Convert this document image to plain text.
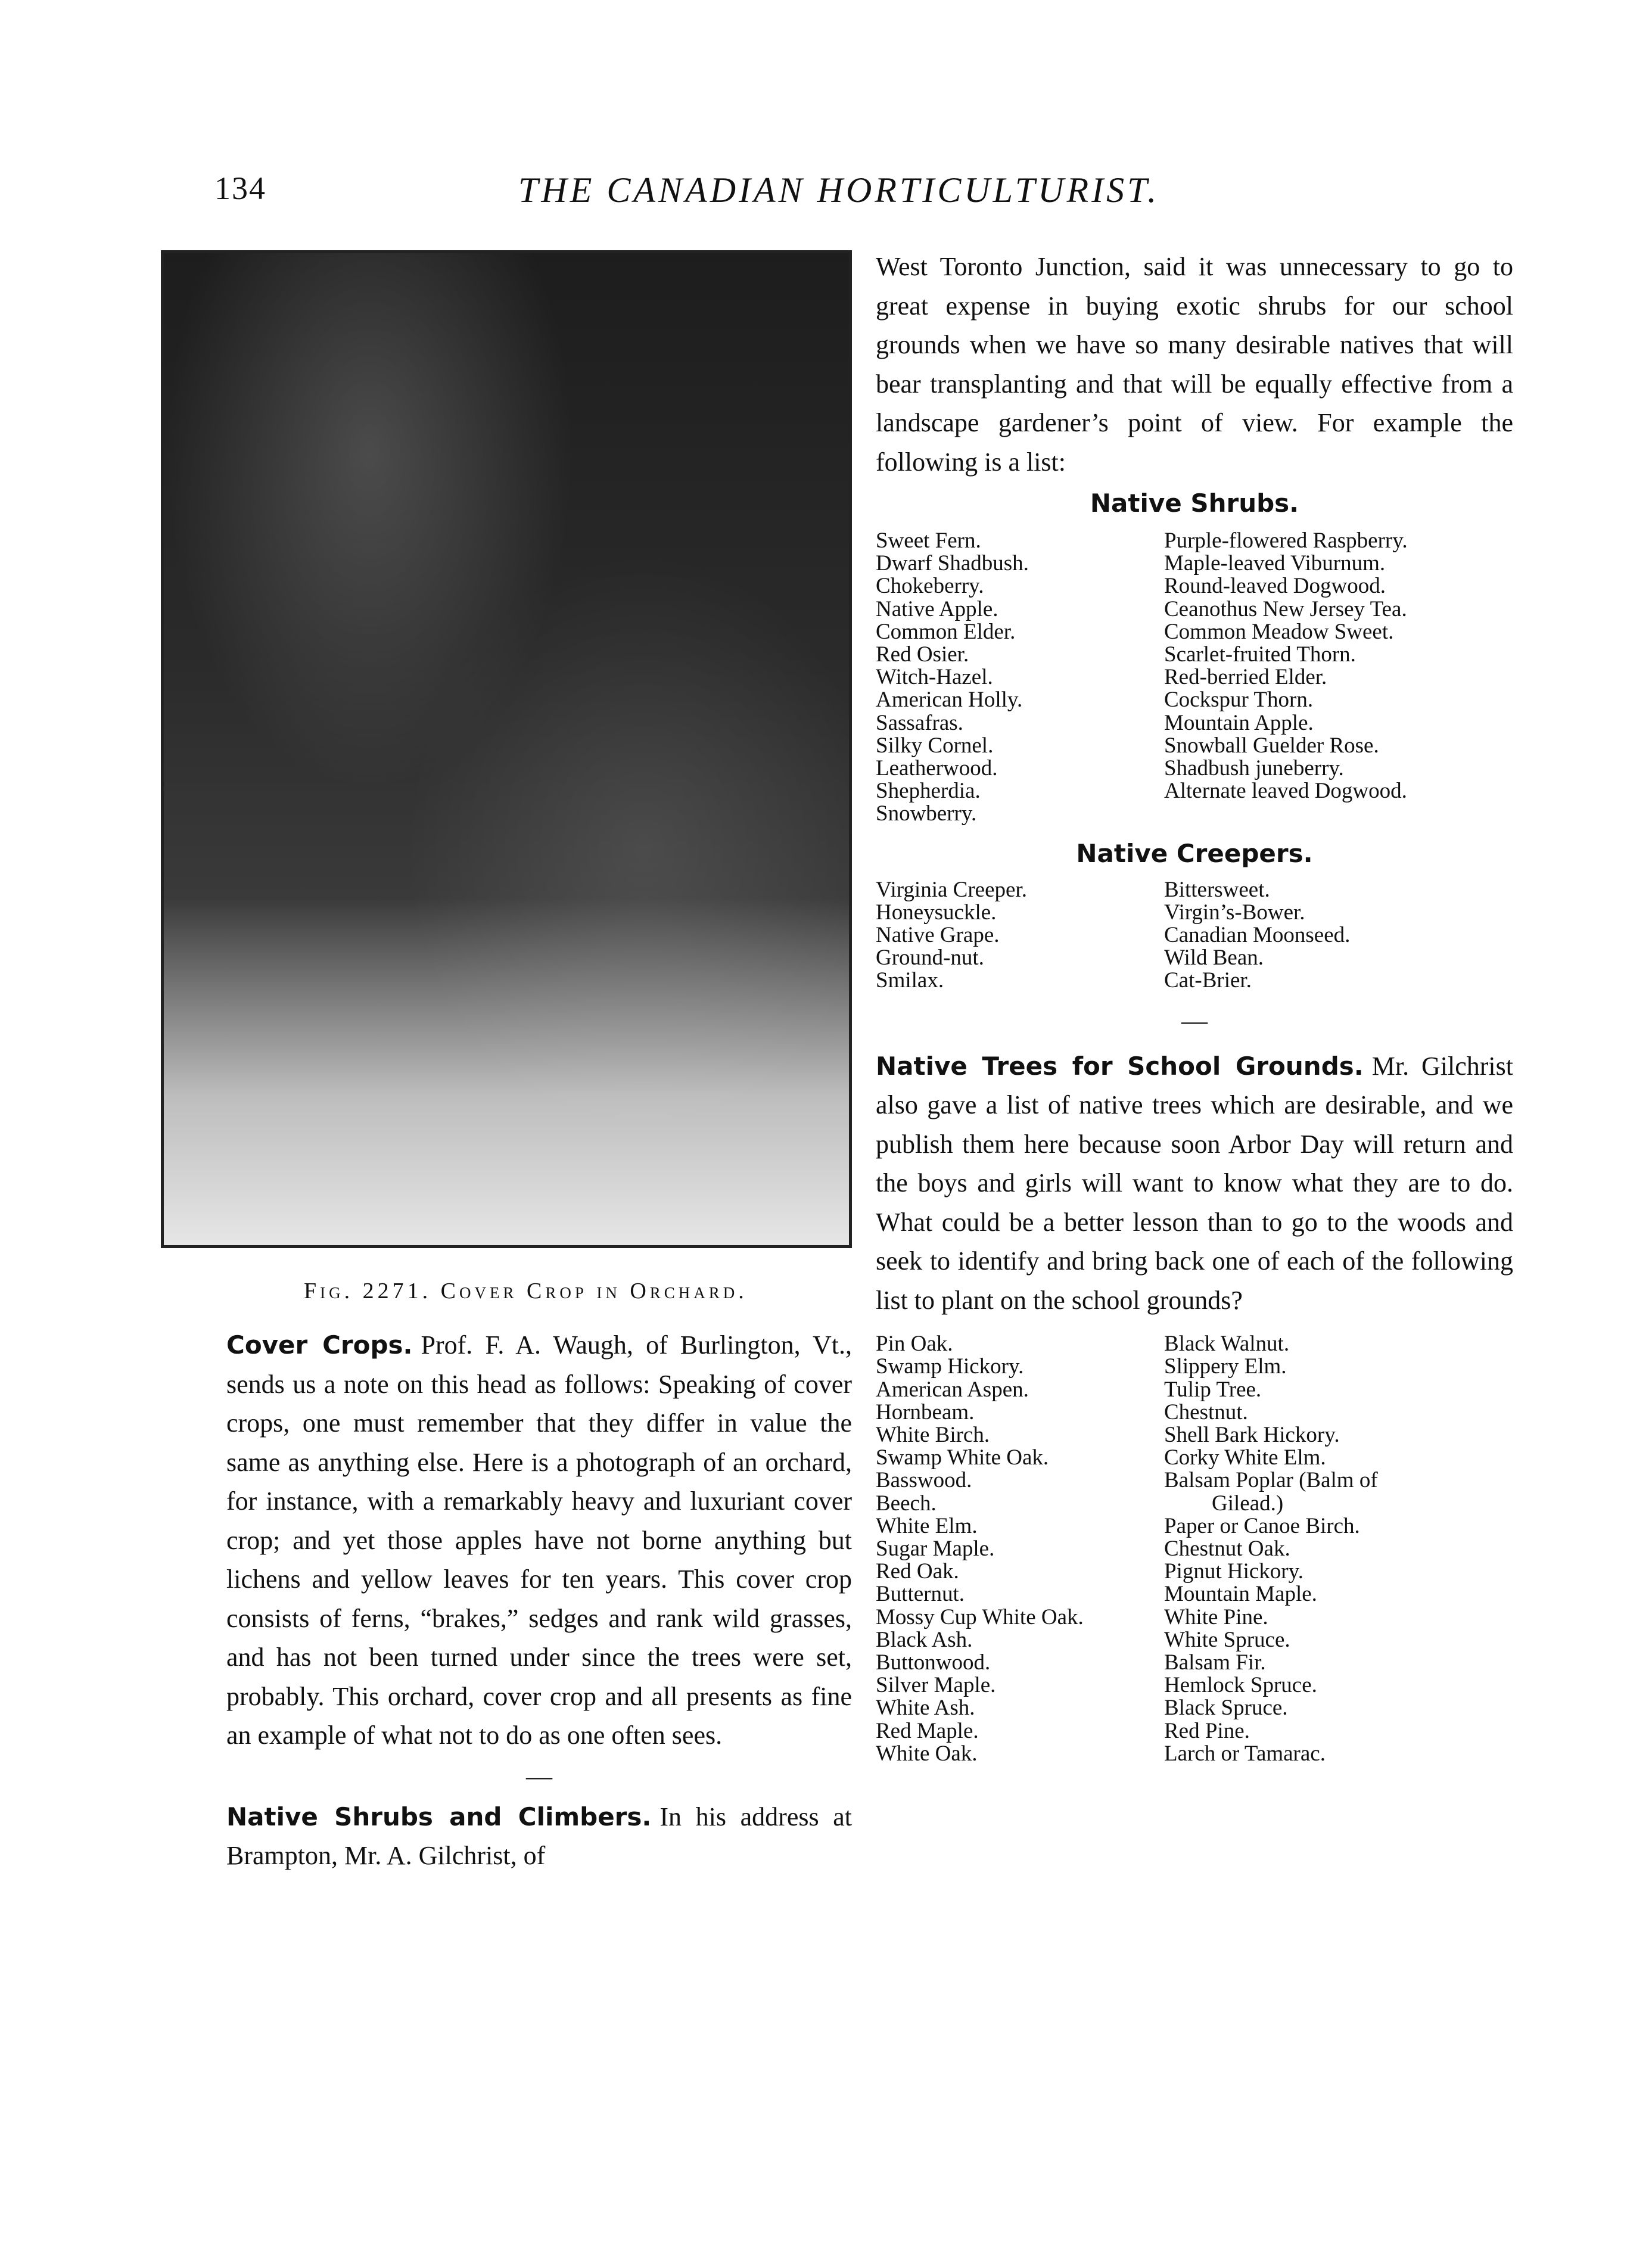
134	THE CANADIAN HORTICULTURIST.
Fig. 2271. Cover Crop in Orchard.

Cover Crops. Prof. F. A. Waugh, of Burlington, Vt., sends us a note on this head as follows: Speaking of cover crops, one must remember that they differ in value the same as anything else. Here is a photograph of an orchard, for instance, with a remarkably heavy and luxuriant cover crop; and yet those apples have not borne anything but lichens and yellow leaves for ten years. This cover crop consists of ferns, “brakes,” sedges and rank wild grasses, and has not been turned under since the trees were set, probably. This orchard, cover crop and all presents as fine an example of what not to do as one often sees.

—

Native Shrubs and Climbers. In his address at Brampton, Mr. A. Gilchrist, of

West Toronto Junction, said it was unnecessary to go to great expense in buying exotic shrubs for our school grounds when we have so many desirable natives that will bear transplanting and that will be equally effective from a landscape gardener’s point of view. For example the following is a list:

Native Shrubs.
Sweet Fern.
Dwarf Shadbush.
Chokeberry.
Native Apple.
Common Elder.
Red Osier.
Witch-Hazel.
American Holly.
Sassafras.
Silky Cornel.
Leatherwood.
Shepherdia.
Snowberry.
Purple-flowered Raspberry.
Maple-leaved Viburnum.
Round-leaved Dogwood.
Ceanothus New Jersey Tea.
Common Meadow Sweet.
Scarlet-fruited Thorn.
Red-berried Elder.
Cockspur Thorn.
Mountain Apple.
Snowball Guelder Rose.
Shadbush juneberry.
Alternate leaved Dogwood.
Native Creepers.
Virginia Creeper.
Honeysuckle.
Native Grape.
Ground-nut.
Smilax.
Bittersweet.
Virgin’s-Bower.
Canadian Moonseed.
Wild Bean.
Cat-Brier.
—

Native Trees for School Grounds. Mr. Gilchrist also gave a list of native trees which are desirable, and we publish them here because soon Arbor Day will return and the boys and girls will want to know what they are to do. What could be a better lesson than to go to the woods and seek to identify and bring back one of each of the following list to plant on the school grounds?

Pin Oak.
Swamp Hickory.
American Aspen.
Hornbeam.
White Birch.
Swamp White Oak.
Basswood.
Beech.
White Elm.
Sugar Maple.
Red Oak.
Butternut.
Mossy Cup White Oak.
Black Ash.
Buttonwood.
Silver Maple.
White Ash.
Red Maple.
White Oak.
Black Walnut.
Slippery Elm.
Tulip Tree.
Chestnut.
Shell Bark Hickory.
Corky White Elm.
Balsam Poplar (Balm of
Gilead.)
Paper or Canoe Birch.
Chestnut Oak.
Pignut Hickory.
Mountain Maple.
White Pine.
White Spruce.
Balsam Fir.
Hemlock Spruce.
Black Spruce.
Red Pine.
Larch or Tamarac.
